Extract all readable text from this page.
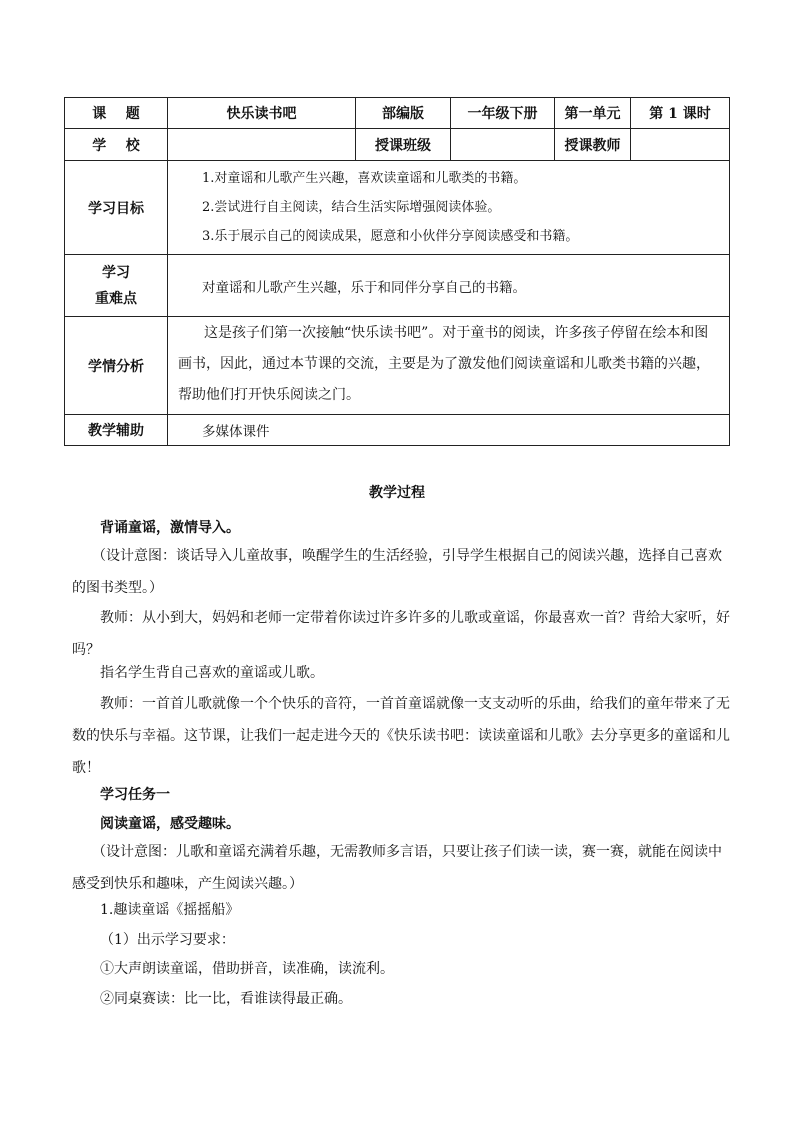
课    题	快乐读书吧	部编版	一年级下册	第一单元	第 1 课时
学    校		授课班级		授课教师	
学习目标	1.对童谣和儿歌产生兴趣，喜欢读童谣和儿歌类的书籍。
2.尝试进行自主阅读，结合生活实际增强阅读体验。
3.乐于展示自己的阅读成果，愿意和小伙伴分享阅读感受和书籍。				

学习
重难点	对童谣和儿歌产生兴趣，乐于和同伴分享自己的书籍。				

学情分析	这是孩子们第一次接触“快乐读书吧”。对于童书的阅读，许多孩子停留在绘本和图画书，因此，通过本节课的交流，主要是为了激发他们阅读童谣和儿歌类书籍的兴趣，帮助他们打开快乐阅读之门。				
教学辅助	多媒体课件				
教学过程
背诵童谣，激情导入。
（设计意图：谈话导入儿童故事，唤醒学生的生活经验，引导学生根据自己的阅读兴趣，选择自己喜欢的图书类型。）
教师：从小到大，妈妈和老师一定带着你读过许多许多的儿歌或童谣，你最喜欢一首？背给大家听，好吗？
指名学生背自己喜欢的童谣或儿歌。
教师：一首首儿歌就像一个个快乐的音符，一首首童谣就像一支支动听的乐曲，给我们的童年带来了无数的快乐与幸福。这节课，让我们一起走进今天的《快乐读书吧：读读童谣和儿歌》去分享更多的童谣和儿歌！
学习任务一
阅读童谣，感受趣味。
（设计意图：儿歌和童谣充满着乐趣，无需教师多言语，只要让孩子们读一读，赛一赛，就能在阅读中感受到快乐和趣味，产生阅读兴趣。）
1.趣读童谣《摇摇船》
（1）出示学习要求：
①大声朗读童谣，借助拼音，读准确，读流利。
②同桌赛读：比一比，看谁读得最正确。
